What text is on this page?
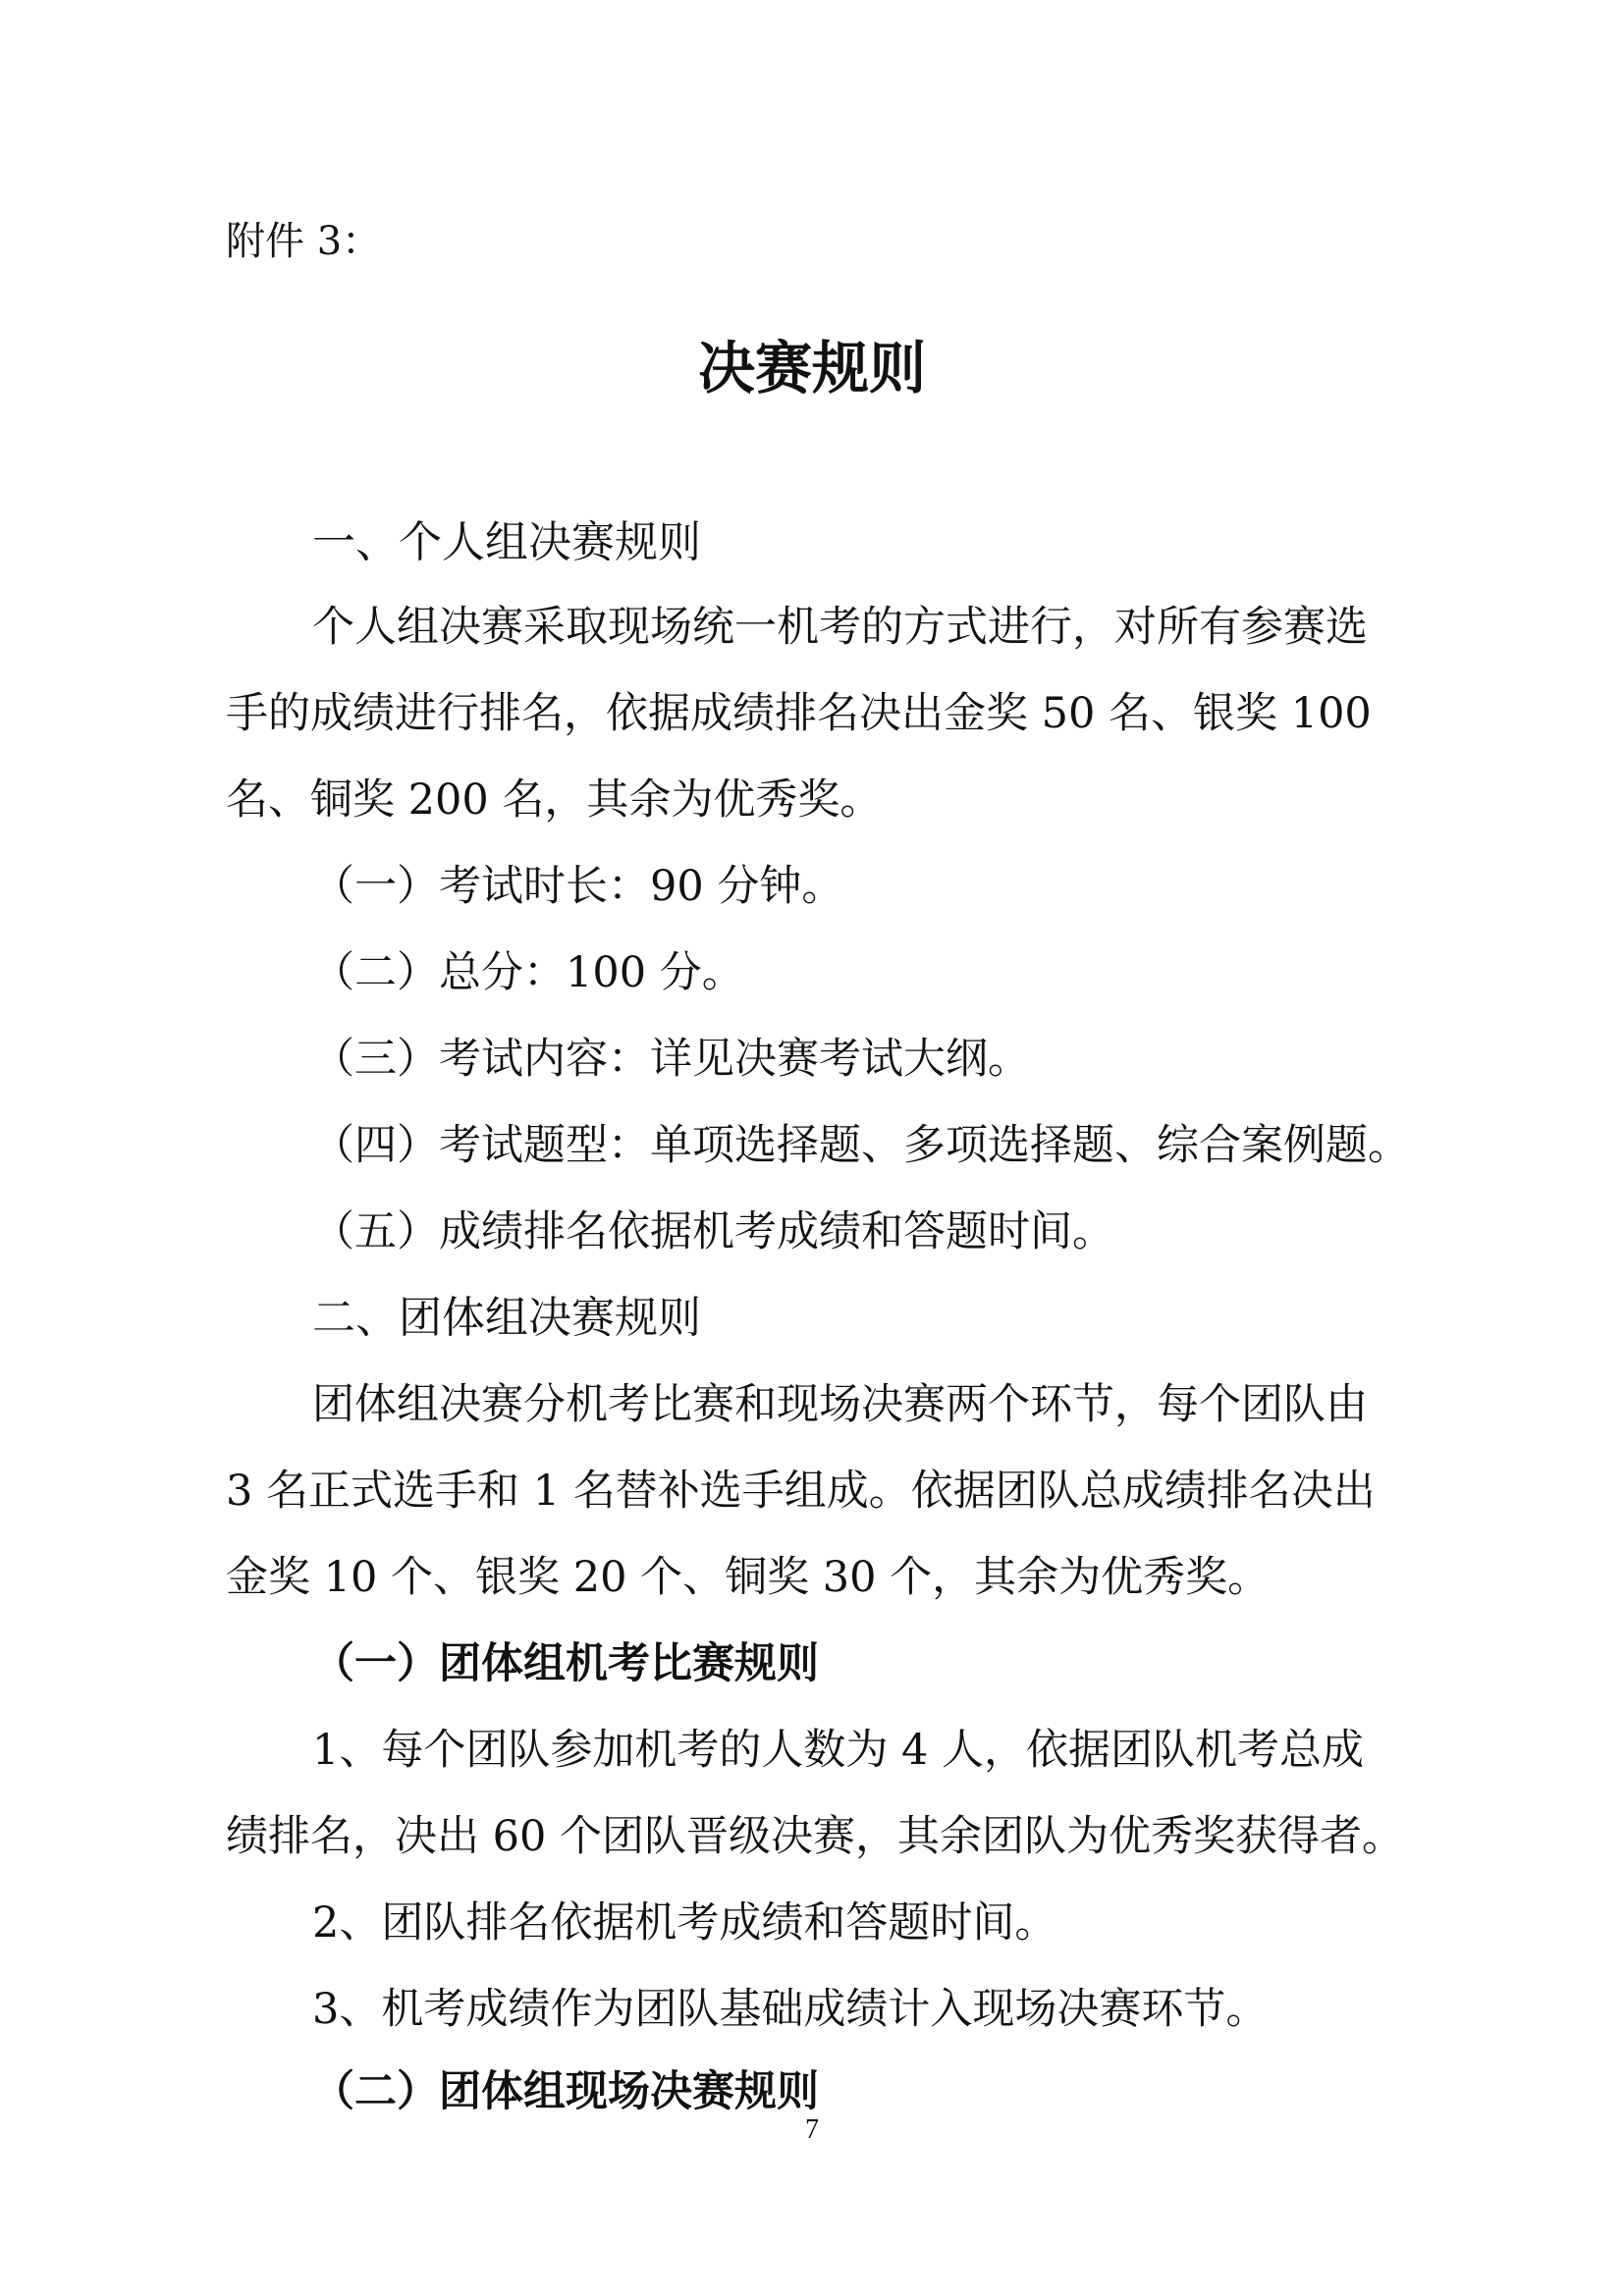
附件 3：
决赛规则
一、个人组决赛规则
个人组决赛采取现场统一机考的方式进行，对所有参赛选
手的成绩进行排名，依据成绩排名决出金奖 50 名、银奖 100
名、铜奖 200 名，其余为优秀奖。
（一）考试时长：90 分钟。
（二）总分：100 分。
（三）考试内容：详见决赛考试大纲。
（四）考试题型：单项选择题、多项选择题、综合案例题。
（五）成绩排名依据机考成绩和答题时间。
二、团体组决赛规则
团体组决赛分机考比赛和现场决赛两个环节，每个团队由
3 名正式选手和 1 名替补选手组成。依据团队总成绩排名决出
金奖 10 个、银奖 20 个、铜奖 30 个，其余为优秀奖。
（一）团体组机考比赛规则
1、每个团队参加机考的人数为 4 人，依据团队机考总成
绩排名，决出 60 个团队晋级决赛，其余团队为优秀奖获得者。
2、团队排名依据机考成绩和答题时间。
3、机考成绩作为团队基础成绩计入现场决赛环节。
（二）团体组现场决赛规则
7
